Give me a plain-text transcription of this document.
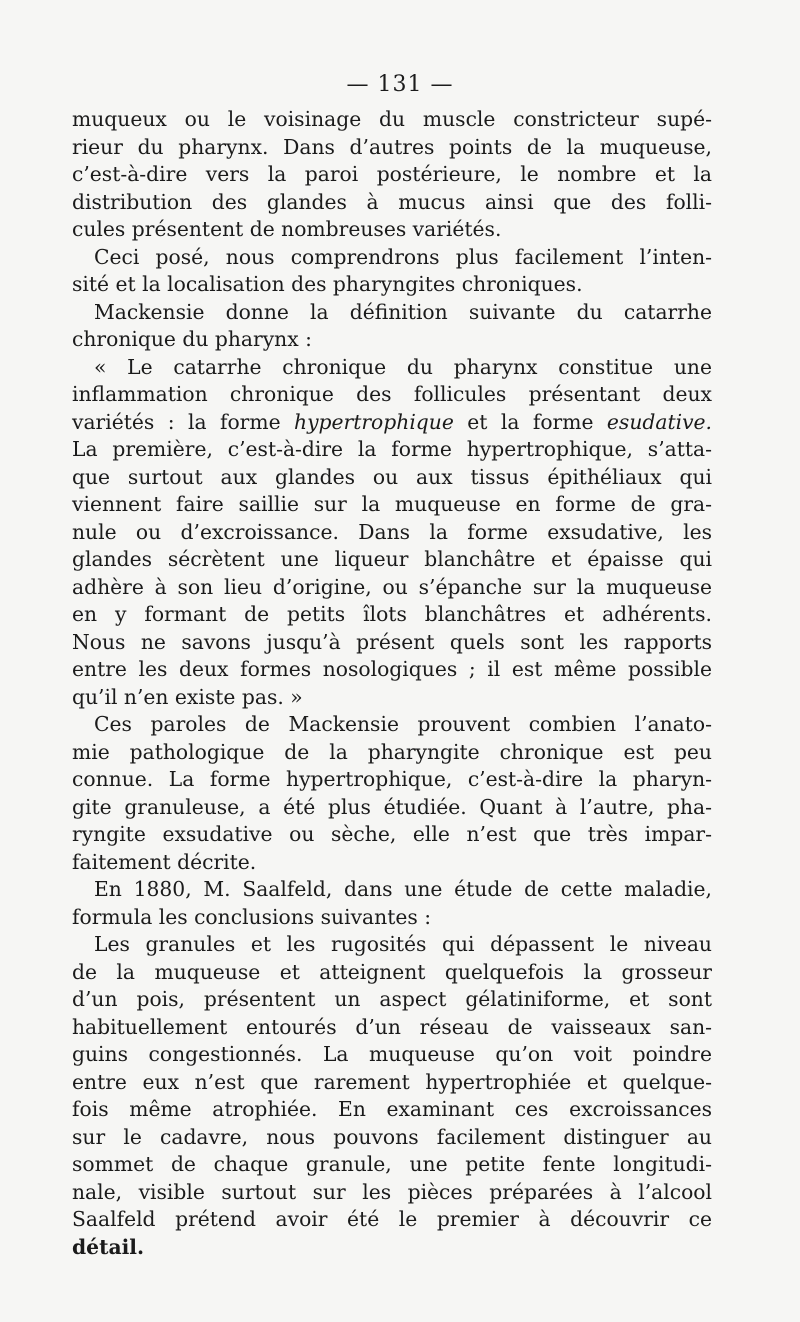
— 131 —
muqueux ou le voisinage du muscle constricteur supé-
rieur du pharynx. Dans d’autres points de la muqueuse,
c’est-à-dire vers la paroi postérieure, le nombre et la
distribution des glandes à mucus ainsi que des folli-
cules présentent de nombreuses variétés.
Ceci posé, nous comprendrons plus facilement l’inten-
sité et la localisation des pharyngites chroniques.
Mackensie donne la définition suivante du catarrhe
chronique du pharynx :
« Le catarrhe chronique du pharynx constitue une
inflammation chronique des follicules présentant deux
variétés : la forme hypertrophique et la forme esudative.
La première, c’est-à-dire la forme hypertrophique, s’atta-
que surtout aux glandes ou aux tissus épithéliaux qui
viennent faire saillie sur la muqueuse en forme de gra-
nule ou d’excroissance. Dans la forme exsudative, les
glandes sécrètent une liqueur blanchâtre et épaisse qui
adhère à son lieu d’origine, ou s’épanche sur la muqueuse
en y formant de petits îlots blanchâtres et adhérents.
Nous ne savons jusqu’à présent quels sont les rapports
entre les deux formes nosologiques ; il est même possible
qu’il n’en existe pas. »
Ces paroles de Mackensie prouvent combien l’anato-
mie pathologique de la pharyngite chronique est peu
connue. La forme hypertrophique, c’est-à-dire la pharyn-
gite granuleuse, a été plus étudiée. Quant à l’autre, pha-
ryngite exsudative ou sèche, elle n’est que très impar-
faitement décrite.
En 1880, M. Saalfeld, dans une étude de cette maladie,
formula les conclusions suivantes :
Les granules et les rugosités qui dépassent le niveau
de la muqueuse et atteignent quelquefois la grosseur
d’un pois, présentent un aspect gélatiniforme, et sont
habituellement entourés d’un réseau de vaisseaux san-
guins congestionnés. La muqueuse qu’on voit poindre
entre eux n’est que rarement hypertrophiée et quelque-
fois même atrophiée. En examinant ces excroissances
sur le cadavre, nous pouvons facilement distinguer au
sommet de chaque granule, une petite fente longitudi-
nale, visible surtout sur les pièces préparées à l’alcool
Saalfeld prétend avoir été le premier à découvrir ce
détail.
